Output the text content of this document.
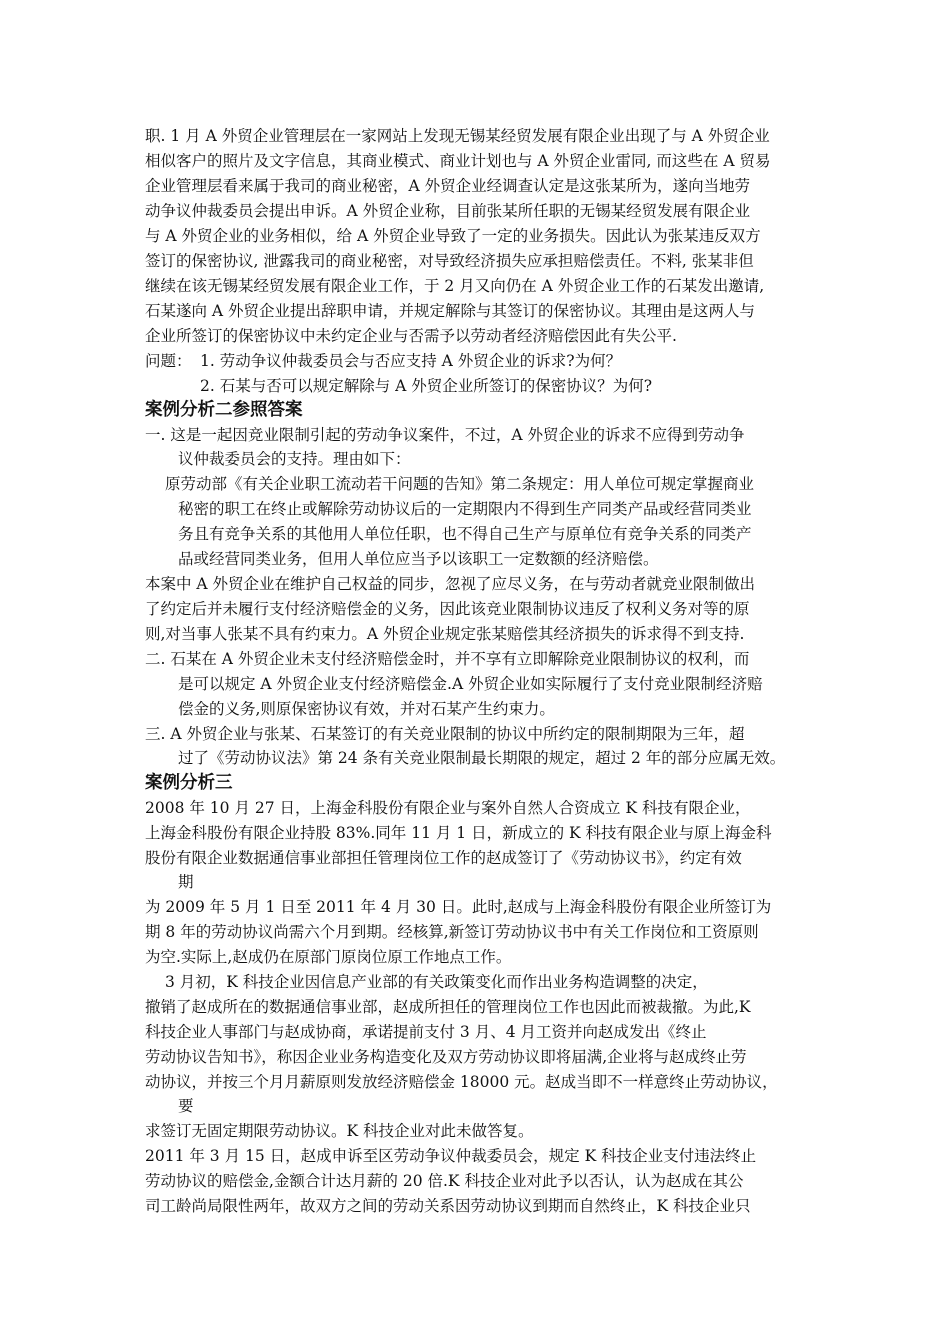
职. 1 月 A 外贸企业管理层在一家网站上发现无锡某经贸发展有限企业出现了与 A 外贸企业
相似客户的照片及文字信息，其商业模式、商业计划也与 A 外贸企业雷同, 而这些在 A 贸易
企业管理层看来属于我司的商业秘密，A 外贸企业经调查认定是这张某所为，遂向当地劳
动争议仲裁委员会提出申诉。A 外贸企业称，目前张某所任职的无锡某经贸发展有限企业
与 A 外贸企业的业务相似，给 A 外贸企业导致了一定的业务损失。因此认为张某违反双方
签订的保密协议, 泄露我司的商业秘密，对导致经济损失应承担赔偿责任。不料, 张某非但
继续在该无锡某经贸发展有限企业工作，于 2 月又向仍在 A 外贸企业工作的石某发出邀请,
石某遂向 A 外贸企业提出辞职申请，并规定解除与其签订的保密协议。其理由是这两人与
企业所签订的保密协议中未约定企业与否需予以劳动者经济赔偿因此有失公平.
问题： 1. 劳动争议仲裁委员会与否应支持 A 外贸企业的诉求?为何？
2. 石某与否可以规定解除与 A 外贸企业所签订的保密协议？为何?
案例分析二参照答案
一. 这是一起因竞业限制引起的劳动争议案件，不过，A 外贸企业的诉求不应得到劳动争
议仲裁委员会的支持。理由如下：
原劳动部《有关企业职工流动若干问题的告知》第二条规定：用人单位可规定掌握商业
秘密的职工在终止或解除劳动协议后的一定期限内不得到生产同类产品或经营同类业
务且有竞争关系的其他用人单位任职，也不得自己生产与原单位有竞争关系的同类产
品或经营同类业务，但用人单位应当予以该职工一定数额的经济赔偿。
本案中 A 外贸企业在维护自己权益的同步，忽视了应尽义务，在与劳动者就竞业限制做出
了约定后并未履行支付经济赔偿金的义务，因此该竞业限制协议违反了权利义务对等的原
则,对当事人张某不具有约束力。A 外贸企业规定张某赔偿其经济损失的诉求得不到支持.
二. 石某在 A 外贸企业未支付经济赔偿金时，并不享有立即解除竞业限制协议的权利，而
是可以规定 A 外贸企业支付经济赔偿金.A 外贸企业如实际履行了支付竞业限制经济赔
偿金的义务,则原保密协议有效，并对石某产生约束力。
三. A 外贸企业与张某、石某签订的有关竞业限制的协议中所约定的限制期限为三年，超
过了《劳动协议法》第 24 条有关竞业限制最长期限的规定，超过 2 年的部分应属无效。
案例分析三
2008 年 10 月 27 日，上海金科股份有限企业与案外自然人合资成立 K 科技有限企业，
上海金科股份有限企业持股 83%.同年 11 月 1 日，新成立的 K 科技有限企业与原上海金科
股份有限企业数据通信事业部担任管理岗位工作的赵成签订了《劳动协议书》，约定有效
期
为 2009 年 5 月 1 日至 2011 年 4 月 30 日。此时,赵成与上海金科股份有限企业所签订为
期 8 年的劳动协议尚需六个月到期。经核算,新签订劳动协议书中有关工作岗位和工资原则
为空.实际上,赵成仍在原部门原岗位原工作地点工作。
3 月初，K 科技企业因信息产业部的有关政策变化而作出业务构造调整的决定，
撤销了赵成所在的数据通信事业部，赵成所担任的管理岗位工作也因此而被裁撤。为此,K
科技企业人事部门与赵成协商，承诺提前支付 3 月、4 月工资并向赵成发出《终止
劳动协议告知书》，称因企业业务构造变化及双方劳动协议即将届满,企业将与赵成终止劳
动协议，并按三个月月薪原则发放经济赔偿金 18000 元。赵成当即不一样意终止劳动协议，
要
求签订无固定期限劳动协议。K 科技企业对此未做答复。
2011 年 3 月 15 日，赵成申诉至区劳动争议仲裁委员会，规定 K 科技企业支付违法终止
劳动协议的赔偿金,金额合计达月薪的 20 倍.K 科技企业对此予以否认，认为赵成在其公
司工龄尚局限性两年，故双方之间的劳动关系因劳动协议到期而自然终止，K 科技企业只
